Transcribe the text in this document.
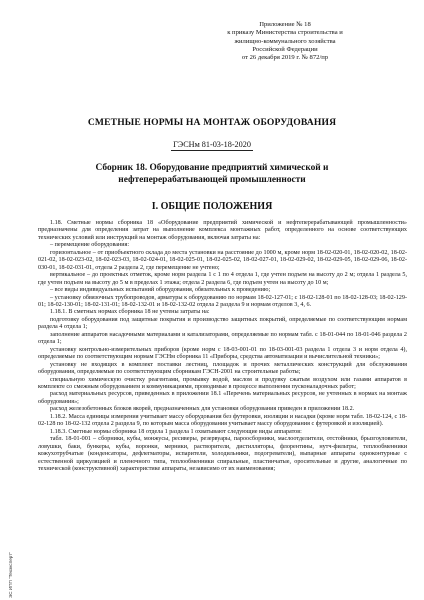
Приложение № 18
к приказу Министерства строительства и
жилищно-коммунального хозяйства
Российской Федерации
от 26 декабря 2019 г. № 872/пр
СМЕТНЫЕ НОРМЫ НА МОНТАЖ ОБОРУДОВАНИЯ
ГЭСНм 81-03-18-2020
Сборник 18. Оборудование предприятий химической и нефтеперерабатывающей промышленности
I. ОБЩИЕ ПОЛОЖЕНИЯ

1.18. Сметные нормы сборника 18 «Оборудование предприятий химической и нефтеперерабатывающей промышленности» предназначены для определения затрат на выполнение комплекса монтажных работ, определенного на основе соответствующих технических условий или инструкций на монтаж оборудования, включая затраты на:

– перемещение оборудования:

горизонтальное – от приобъектного склада до места установки на расстояние до 1000 м, кроме норм 18-02-020-01, 18-02-020-02, 18-02-021-02, 18-02-023-02, 18-02-023-03, 18-02-024-01, 18-02-025-01, 18-02-025-02, 18-02-027-01, 18-02-029-02, 18-02-029-05, 18-02-029-06, 18-02-030-01, 18-02-031-01, отдела 2 раздела 2, где перемещение не учтено;

вертикальное – до проектных отметок, кроме норм раздела 1 с 1 по 4 отдела 1, где учтен подъем на высоту до 2 м; отдела 1 раздела 5, где учтен подъем на высоту до 5 м в пределах 1 этажа; отдела 2 раздела 6, где подъем учтен на высоту до 10 м;

– все виды индивидуальных испытаний оборудования, обязательных к проведению;

– установку обвязочных трубопроводов, арматуры к оборудованию по нормам 18-02-127-01; с 18-02-128-01 по 18-02-128-03; 18-02-129-01; 18-02-130-01; 18-02-131-01; 18-02-132-01 и 18-02-132-02 отдела 2 раздела 9 и нормам отделов 3, 4, 6.

1.18.1. В сметных нормах сборника 18 не учтены затраты на:

подготовку оборудования под защитные покрытия и производство защитных покрытий, определяемые по соответствующим нормам раздела 4 отдела 1;

заполнение аппаратов насадочными материалами и катализаторами, определяемые по нормам табл. с 18-01-044 по 18-01-046 раздела 2 отдела 1;

установку контрольно-измерительных приборов (кроме норм с 18-03-001-01 по 18-03-001-03 раздела 1 отдела 3 и норм отдела 4), определяемые по соответствующим нормам ГЭСНм сборника 11 «Приборы, средства автоматизации и вычислительной техники»;

установку не входящих в комплект поставки лестниц, площадок и прочих металлических конструкций для обслуживания оборудования, определяемые по соответствующим сборникам ГЭСН-2001 на строительные работы;

специальную химическую очистку реагентами, промывку водой, маслом и продувку сжатым воздухом или газами аппаратов в комплекте со смежным оборудованием и коммуникациями, проводимые в процессе выполнения пусконаладочных работ;

расход материальных ресурсов, приведенных в приложении 18.1 «Перечень материальных ресурсов, не учтенных в нормах на монтаж оборудования»;

расход железобетонных блоков якорей, предназначенных для установки оборудования приведен в приложении 18.2.

1.18.2. Масса единицы измерения учитывает массу оборудования без футеровки, изоляции и насадки (кроме норм табл. 18-02-124, с 18-02-128 по 18-02-132 отдела 2 раздела 9, по которым масса оборудования учитывает массу оборудования с футеровкой и изоляцией).

1.18.3. Сметные нормы сборника 18 отдела 1 раздела 1 охватывают следующие виды аппаратов:

табл. 18-01-001 – сборники, кубы, монжусы, ресиверы, резервуары, пароосборники, маслоотделители, отстойники, брызгоуловители, ловушки, баки, бункеры, кубы, воронки, мерники, растворители, дистилляторы, флорентины, нутч-фильтры, теплообменники кожухотрубчатые (конденсаторы, дефлегматоры, испарители, холодильники, подогреватели), выпарные аппараты одноконтурные с естественной циркуляцией и пленочного типа, теплообменники спиральные, пластинчатые, оросительные и другие, аналогичные по технической (конструктивной) характеристике аппараты, независимо от их наименования;

ЭС ИПП "Техэксперт"
